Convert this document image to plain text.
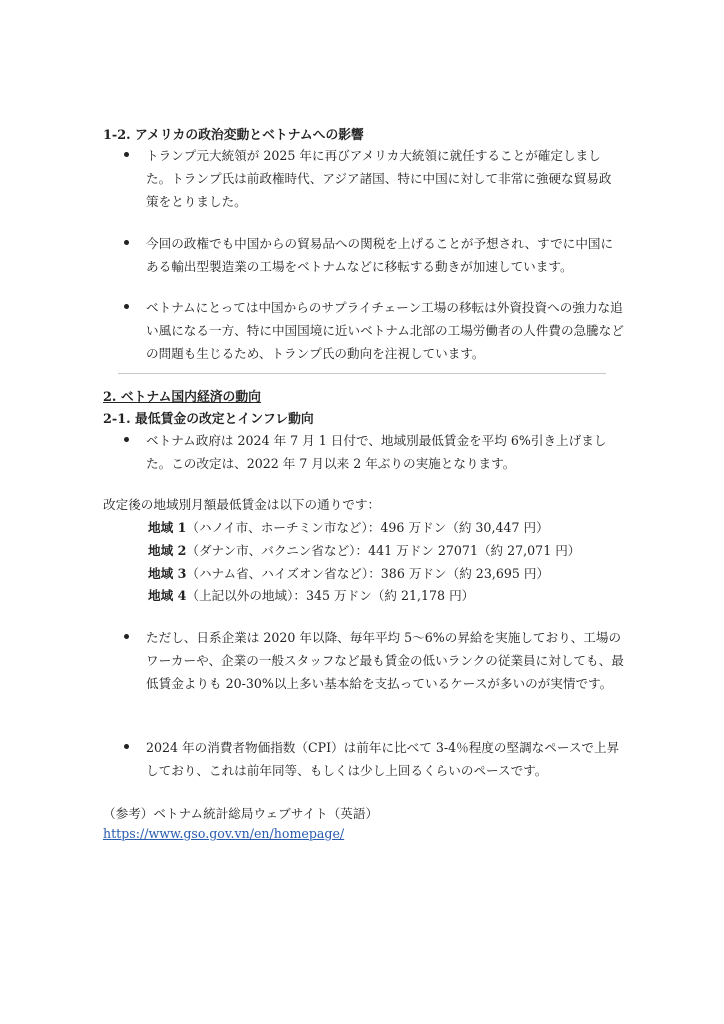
1-2. アメリカの政治変動とベトナムへの影響
トランプ元大統領が 2025 年に再びアメリカ大統領に就任することが確定しました。トランプ氏は前政権時代、アジア諸国、特に中国に対して非常に強硬な貿易政策をとりました。
今回の政権でも中国からの貿易品への関税を上げることが予想され、すでに中国にある輸出型製造業の工場をベトナムなどに移転する動きが加速しています。
ベトナムにとっては中国からのサプライチェーン工場の移転は外資投資への強力な追い風になる一方、特に中国国境に近いベトナム北部の工場労働者の人件費の急騰などの問題も生じるため、トランプ氏の動向を注視しています。
2. ベトナム国内経済の動向
2-1. 最低賃金の改定とインフレ動向
ベトナム政府は 2024 年 7 月 1 日付で、地域別最低賃金を平均 6%引き上げました。この改定は、2022 年 7 月以来 2 年ぶりの実施となります。
改定後の地域別月額最低賃金は以下の通りです：
地域 1（ハノイ市、ホーチミン市など）：496 万ドン（約 30,447 円）
地域 2（ダナン市、バクニン省など）：441 万ドン 27071（約 27,071 円）
地域 3（ハナム省、ハイズオン省など）：386 万ドン（約 23,695 円）
地域 4（上記以外の地域）：345 万ドン（約 21,178 円）
ただし、日系企業は 2020 年以降、毎年平均 5〜6%の昇給を実施しており、工場のワーカーや、企業の一般スタッフなど最も賃金の低いランクの従業員に対しても、最低賃金よりも 20-30%以上多い基本給を支払っているケースが多いのが実情です。
2024 年の消費者物価指数（CPI）は前年に比べて 3-4％程度の堅調なペースで上昇しており、これは前年同等、もしくは少し上回るくらいのペースです。
（参考）ベトナム統計総局ウェブサイト（英語）
https://www.gso.gov.vn/en/homepage/
